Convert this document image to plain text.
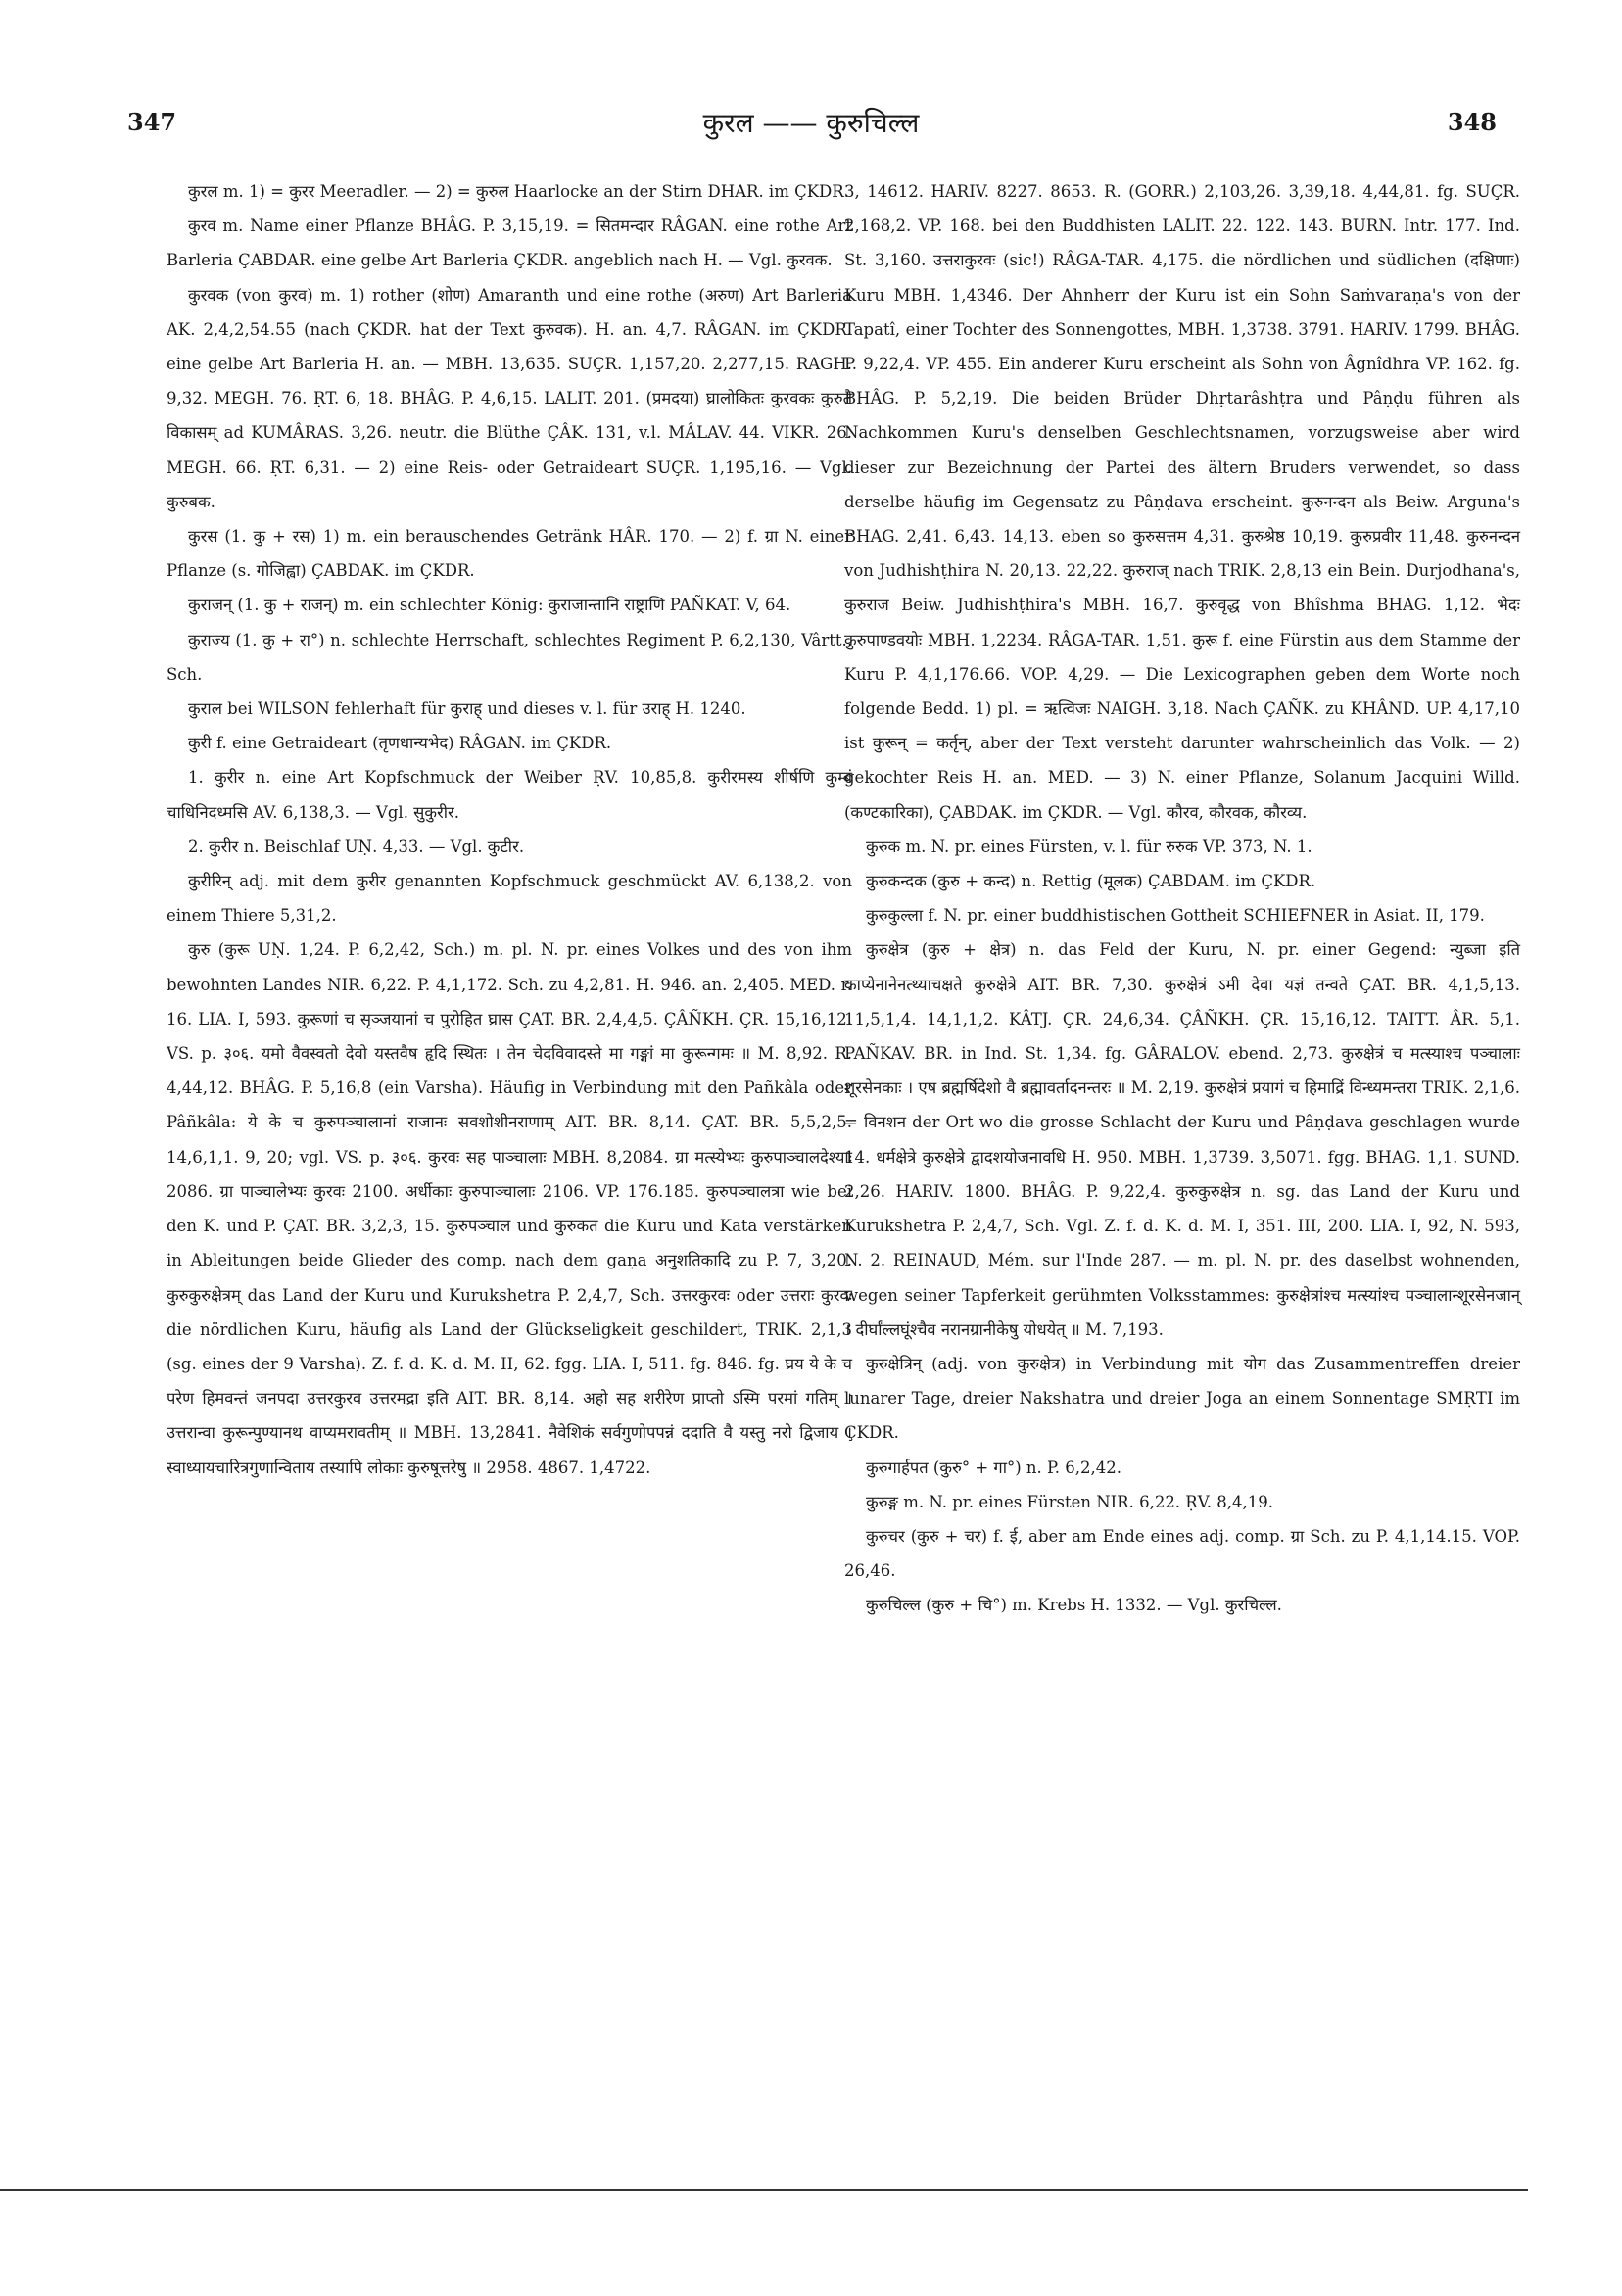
347	कुरल —— कुरुचिल्ल	348

कुरल m. 1) = कुरर Meeradler. — 2) = कुरुल Haarlocke an der Stirn DHAR. im ÇKDR.

कुरव m. Name einer Pflanze BHÂG. P. 3,15,19. = सितमन्दार RÂGAN. eine rothe Art Barleria ÇABDAR. eine gelbe Art Barleria ÇKDR. angeblich nach H. — Vgl. कुरवक.

कुरवक (von कुरव) m. 1) rother (शोण) Amaranth und eine rothe (अरुण) Art Barleria AK. 2,4,2,54.55 (nach ÇKDR. hat der Text कुरुवक). H. an. 4,7. RÂGAN. im ÇKDR. eine gelbe Art Barleria H. an. — MBH. 13,635. SUÇR. 1,157,20. 2,277,15. RAGH. 9,32. MEGH. 76. ṚT. 6, 18. BHÂG. P. 4,6,15. LALIT. 201. (प्रमदया) घ्रालोकितः कुरवकः कुरुते विकासम् ad KUMÂRAS. 3,26. neutr. die Blüthe ÇÂK. 131, v.l. MÂLAV. 44. VIKR. 26. MEGH. 66. ṚT. 6,31. — 2) eine Reis- oder Getraideart SUÇR. 1,195,16. — Vgl. कुरुबक.

कुरस (1. कु + रस) 1) m. ein berauschendes Getränk HÂR. 170. — 2) f. ग्रा N. einer Pflanze (s. गोजिह्वा) ÇABDAK. im ÇKDR.

कुराजन् (1. कु + राजन्) m. ein schlechter König: कुराजान्तानि राष्ट्राणि PAÑKAT. V, 64.

कुराज्य (1. कु + रा°) n. schlechte Herrschaft, schlechtes Regiment P. 6,2,130, Vârtt., Sch.

कुराल bei WILSON fehlerhaft für कुराह् und dieses v. l. für उराह् H. 1240.

कुरी f. eine Getraideart (तृणधान्यभेद) RÂGAN. im ÇKDR.

1. कुरीर n. eine Art Kopfschmuck der Weiber ṚV. 10,85,8. कुरीरमस्य शीर्षणि कुम्बं चाधिनिदध्मसि AV. 6,138,3. — Vgl. सुकुरीर.

2. कुरीर n. Beischlaf UṆ. 4,33. — Vgl. कुटीर.

कुरीरिन् adj. mit dem कुरीर genannten Kopfschmuck geschmückt AV. 6,138,2. von einem Thiere 5,31,2.

कुरु (कुरू UṆ. 1,24. P. 6,2,42, Sch.) m. pl. N. pr. eines Volkes und des von ihm bewohnten Landes NIR. 6,22. P. 4,1,172. Sch. zu 4,2,81. H. 946. an. 2,405. MED. r. 16. LIA. I, 593. कुरूणां च सृञ्जयानां च पुरोहित घ्रास ÇAT. BR. 2,4,4,5. ÇÂÑKH. ÇR. 15,16,12. VS. p. ३०६. यमो वैवस्वतो देवो यस्तवैष हृदि स्थितः । तेन चेदविवादस्ते मा गङ्गां मा कुरून्गमः ॥ M. 8,92. R. 4,44,12. BHÂG. P. 5,16,8 (ein Varsha). Häufig in Verbindung mit den Pañkâla oder Pâñkâla: ये के च कुरुपञ्चालानां राजानः सवशोशीनराणाम् AIT. BR. 8,14. ÇAT. BR. 5,5,2,5. 14,6,1,1. 9, 20; vgl. VS. p. ३०६. कुरवः सह पाञ्चालाः MBH. 8,2084. ग्रा मत्स्येभ्यः कुरुपाञ्चालदेश्याः 2086. ग्रा पाञ्चालेभ्यः कुरवः 2100. अर्धीकाः कुरुपाञ्चालाः 2106. VP. 176.185. कुरुपञ्चालत्रा wie bei den K. und P. ÇAT. BR. 3,2,3, 15. कुरुपञ्चाल und कुरुकत die Kuru und Kata verstärken in Ableitungen beide Glieder des comp. nach dem gaṇa अनुशतिकादि zu P. 7, 3,20. कुरुकुरुक्षेत्रम् das Land der Kuru und Kurukshetra P. 2,4,7, Sch. उत्तरकुरवः oder उत्तराः कुरवः die nördlichen Kuru, häufig als Land der Glückseligkeit geschildert, TRIK. 2,1,3 (sg. eines der 9 Varsha). Z. f. d. K. d. M. II, 62. fgg. LIA. I, 511. fg. 846. fg. घ्रय ये के च परेण हिमवन्तं जनपदा उत्तरकुरव उत्तरमद्रा इति AIT. BR. 8,14. अहो सह शरीरेण प्राप्तो ऽस्मि परमां गतिम् । उत्तरान्वा कुरून्पुण्यानथ वाप्यमरावतीम् ॥ MBH. 13,2841. नैवेशिकं सर्वगुणोपपन्नं ददाति वै यस्तु नरो द्विजाय । स्वाध्यायचारित्रगुणान्विताय तस्यापि लोकाः कुरुषूत्तरेषु ॥ 2958. 4867. 1,4722.

3, 14612. HARIV. 8227. 8653. R. (GORR.) 2,103,26. 3,39,18. 4,44,81. fg. SUÇR. 2,168,2. VP. 168. bei den Buddhisten LALIT. 22. 122. 143. BURN. Intr. 177. Ind. St. 3,160. उत्तराकुरवः (sic!) RÂGA-TAR. 4,175. die nördlichen und südlichen (दक्षिणाः) Kuru MBH. 1,4346. Der Ahnherr der Kuru ist ein Sohn Saṁvaraṇa's von der Tapatî, einer Tochter des Sonnengottes, MBH. 1,3738. 3791. HARIV. 1799. BHÂG. P. 9,22,4. VP. 455. Ein anderer Kuru erscheint als Sohn von Âgnîdhra VP. 162. fg. BHÂG. P. 5,2,19. Die beiden Brüder Dhṛtarâshṭra und Pâṇḍu führen als Nachkommen Kuru's denselben Geschlechtsnamen, vorzugsweise aber wird dieser zur Bezeichnung der Partei des ältern Bruders verwendet, so dass derselbe häufig im Gegensatz zu Pâṇḍava erscheint. कुरुनन्दन als Beiw. Arguna's BHAG. 2,41. 6,43. 14,13. eben so कुरुसत्तम 4,31. कुरुश्रेष्ठ 10,19. कुरुप्रवीर 11,48. कुरुनन्दन von Judhishṭhira N. 20,13. 22,22. कुरुराज् nach TRIK. 2,8,13 ein Bein. Durjodhana's, कुरुराज Beiw. Judhishṭhira's MBH. 16,7. कुरुवृद्ध von Bhîshma BHAG. 1,12. भेदः कुरुपाण्डवयोः MBH. 1,2234. RÂGA-TAR. 1,51. कुरू f. eine Fürstin aus dem Stamme der Kuru P. 4,1,176.66. VOP. 4,29. — Die Lexicographen geben dem Worte noch folgende Bedd. 1) pl. = ऋत्विजः NAIGH. 3,18. Nach ÇAÑK. zu KHÂND. UP. 4,17,10 ist कुरून् = कर्तृन्, aber der Text versteht darunter wahrscheinlich das Volk. — 2) gekochter Reis H. an. MED. — 3) N. einer Pflanze, Solanum Jacquini Willd. (कण्टकारिका), ÇABDAK. im ÇKDR. — Vgl. कौरव, कौरवक, कौरव्य.

कुरुक m. N. pr. eines Fürsten, v. l. für रुरुक VP. 373, N. 1.

कुरुकन्दक (कुरु + कन्द) n. Rettig (मूलक) ÇABDAM. im ÇKDR.

कुरुकुल्ला f. N. pr. einer buddhistischen Gottheit SCHIEFNER in Asiat. II, 179.

कुरुक्षेत्र (कुरु + क्षेत्र) n. das Feld der Kuru, N. pr. einer Gegend: न्युब्जा इति काप्येनानेनत्थ्याचक्षते कुरुक्षेत्रे AIT. BR. 7,30. कुरुक्षेत्रं ऽमी देवा यज्ञं तन्वते ÇAT. BR. 4,1,5,13. 11,5,1,4. 14,1,1,2. KÂTJ. ÇR. 24,6,34. ÇÂÑKH. ÇR. 15,16,12. TAITT. ÂR. 5,1. PAÑKAV. BR. in Ind. St. 1,34. fg. GÂRALOV. ebend. 2,73. कुरुक्षेत्रं च मत्स्याश्च पञ्चालाः शूरसेनकाः । एष ब्रह्मर्षिदेशो वै ब्रह्मावर्तादनन्तरः ॥ M. 2,19. कुरुक्षेत्रं प्रयागं च हिमाद्रिं विन्ध्यमन्तरा TRIK. 2,1,6. = विनशन der Ort wo die grosse Schlacht der Kuru und Pâṇḍava geschlagen wurde 14. धर्मक्षेत्रे कुरुक्षेत्रे द्वादशयोजनावधि H. 950. MBH. 1,3739. 3,5071. fgg. BHAG. 1,1. SUND. 2,26. HARIV. 1800. BHÂG. P. 9,22,4. कुरुकुरुक्षेत्र n. sg. das Land der Kuru und Kurukshetra P. 2,4,7, Sch. Vgl. Z. f. d. K. d. M. I, 351. III, 200. LIA. I, 92, N. 593, N. 2. REINAUD, Mém. sur l'Inde 287. — m. pl. N. pr. des daselbst wohnenden, wegen seiner Tapferkeit gerühmten Volksstammes: कुरुक्षेत्रांश्च मत्स्यांश्च पञ्चालान्शूरसेनजान् । दीर्घांल्लघूंश्चैव नरानग्रानीकेषु योधयेत् ॥ M. 7,193.

कुरुक्षेत्रिन् (adj. von कुरुक्षेत्र) in Verbindung mit योग das Zusammentreffen dreier lunarer Tage, dreier Nakshatra und dreier Joga an einem Sonnentage SMṚTI im ÇKDR.

कुरुगार्हपत (कुरु° + गा°) n. P. 6,2,42.

कुरुङ्ग m. N. pr. eines Fürsten NIR. 6,22. ṚV. 8,4,19.

कुरुचर (कुरु + चर) f. ई, aber am Ende eines adj. comp. ग्रा Sch. zu P. 4,1,14.15. VOP. 26,46.

कुरुचिल्ल (कुरु + चि°) m. Krebs H. 1332. — Vgl. कुरचिल्ल.
